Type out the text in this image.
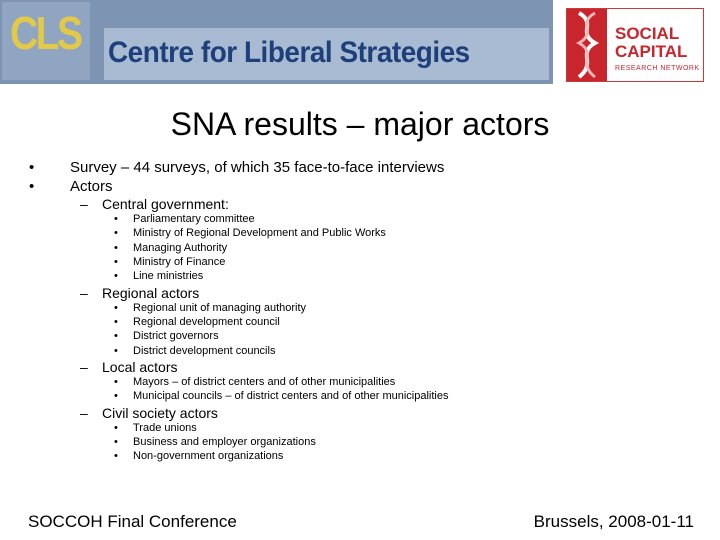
CLS Centre for Liberal Strategies
SOCIAL
CAPITAL
RESEARCH NETWORK
SNA results – major actors
• Survey – 44 surveys, of which 35 face-to-face interviews
• Actors
– Central government:
• Parliamentary committee
• Ministry of Regional Development and Public Works
• Managing Authority
• Ministry of Finance
• Line ministries
– Regional actors
• Regional unit of managing authority
• Regional development council
• District governors
• District development councils
– Local actors
• Mayors – of district centers and of other municipalities
• Municipal councils – of district centers and of other municipalities
– Civil society actors
• Trade unions
• Business and employer organizations
• Non-government organizations
SOCCOH Final Conference	Brussels, 2008-01-11
